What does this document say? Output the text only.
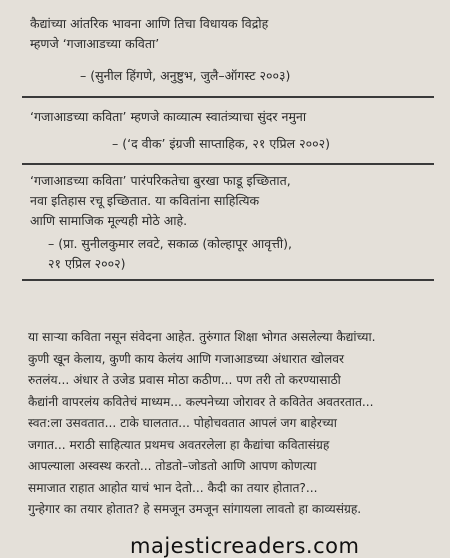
कैद्यांच्या आंतरिक भावना आणि तिचा विधायक विद्रोह
म्हणजे ‘गजाआडच्या कविता’
– (सुनील हिंगणे, अनुष्टुभ, जुलै–ऑगस्ट २००३)
‘गजाआडच्या कविता’ म्हणजे काव्यात्म स्वातंत्र्याचा सुंदर नमुना
– (‘द वीक’ इंग्रजी साप्ताहिक, २१ एप्रिल २००२)
‘गजाआडच्या कविता’ पारंपरिकतेचा बुरखा फाडू इच्छितात,
नवा इतिहास रचू इच्छितात. या कवितांना साहित्यिक
आणि सामाजिक मूल्यही मोठे आहे.
– (प्रा. सुनीलकुमार लवटे, सकाळ (कोल्हापूर आवृत्ती),
२१ एप्रिल २००२)
या साऱ्या कविता नसून संवेदना आहेत. तुरुंगात शिक्षा भोगत असलेल्या कैद्यांच्या.
कुणी खून केलाय, कुणी काय केलंय आणि गजाआडच्या अंधारात खोलवर
रुतलंय... अंधार ते उजेड प्रवास मोठा कठीण... पण तरी तो करण्यासाठी
कैद्यांनी वापरलंय कवितेचं माध्यम... कल्पनेच्या जोरावर ते कवितेत अवतरतात...
स्वत:ला उसवतात... टाके घालतात... पोहोचवतात आपलं जग बाहेरच्या
जगात... मराठी साहित्यात प्रथमच अवतरलेला हा कैद्यांचा कवितासंग्रह
आपल्याला अस्वस्थ करतो... तोडतो–जोडतो आणि आपण कोणत्या
समाजात राहात आहोत याचं भान देतो... कैदी का तयार होतात?...
गुन्हेगार का तयार होतात? हे समजून उमजून सांगायला लावतो हा काव्यसंग्रह.
majesticreaders.com
